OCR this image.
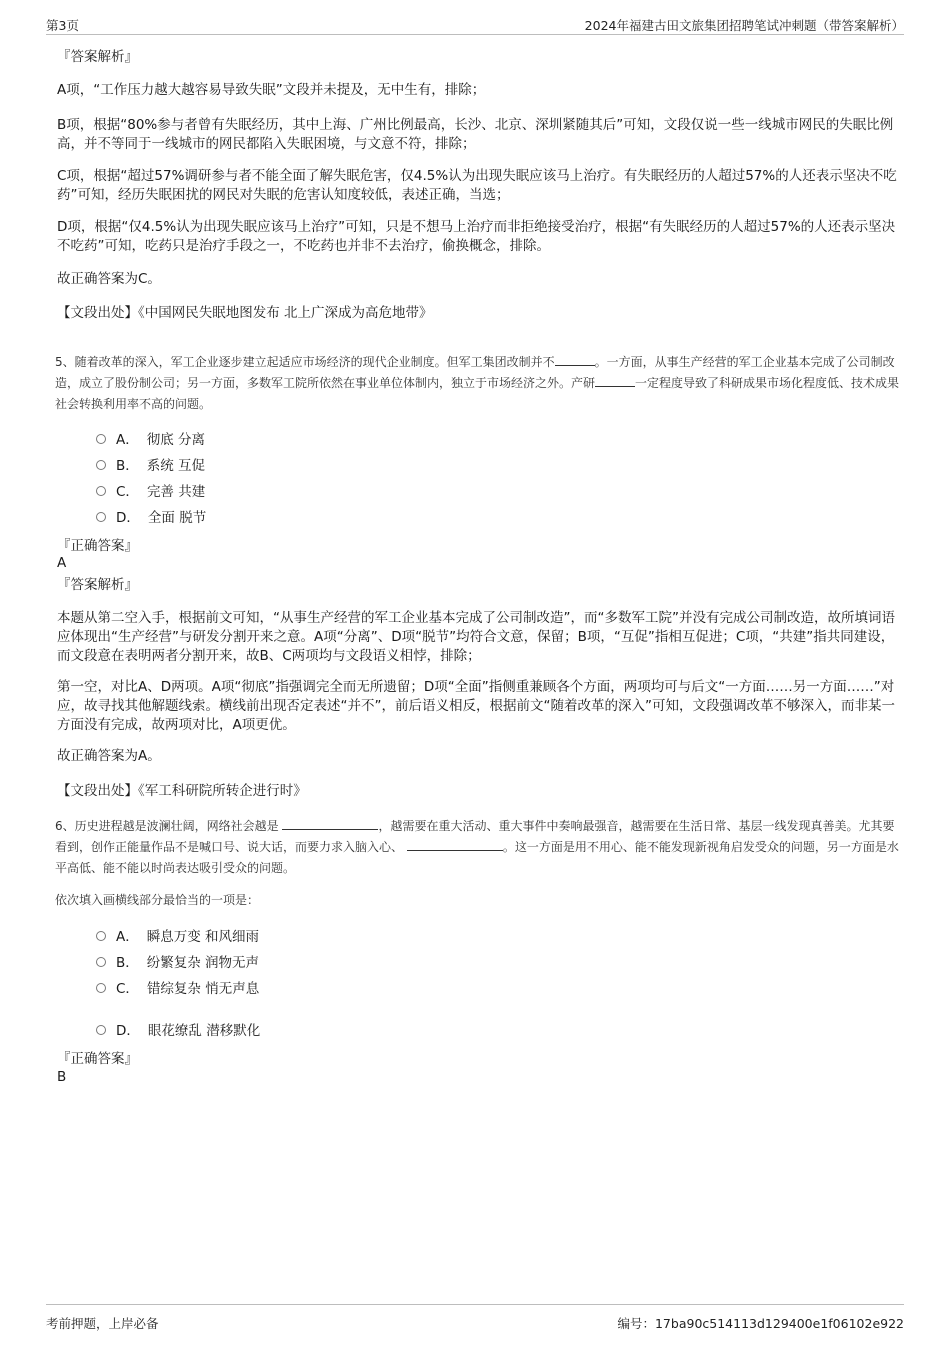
第3页	2024年福建古田文旅集团招聘笔试冲刺题（带答案解析）
『答案解析』
A项，“工作压力越大越容易导致失眠”文段并未提及，无中生有，排除；
B项，根据“80%参与者曾有失眠经历，其中上海、广州比例最高，长沙、北京、深圳紧随其后”可知，文段仅说一些一线城市网民的失眠比例高，并不等同于一线城市的网民都陷入失眠困境，与文意不符，排除；
C项，根据“超过57%调研参与者不能全面了解失眠危害，仅4.5%认为出现失眠应该马上治疗。有失眠经历的人超过57%的人还表示坚决不吃药”可知，经历失眠困扰的网民对失眠的危害认知度较低，表述正确，当选；
D项，根据“仅4.5%认为出现失眠应该马上治疗”可知，只是不想马上治疗而非拒绝接受治疗，根据“有失眠经历的人超过57%的人还表示坚决不吃药”可知，吃药只是治疗手段之一，不吃药也并非不去治疗，偷换概念，排除。
故正确答案为C。
【文段出处】《中国网民失眠地图发布 北上广深成为高危地带》
5、随着改革的深入，军工企业逐步建立起适应市场经济的现代企业制度。但军工集团改制并不	。一方面，从事生产经营的军工企业基本完成了公司制改造，成立了股份制公司；另一方面，多数军工院所依然在事业单位体制内，独立于市场经济之外。产研	一定程度导致了科研成果市场化程度低、技术成果社会转换利用率不高的问题。
A． 彻底 分离
B． 系统 互促
C． 完善 共建
D． 全面 脱节
『正确答案』
A
『答案解析』
本题从第二空入手，根据前文可知，“从事生产经营的军工企业基本完成了公司制改造”，而“多数军工院”并没有完成公司制改造，故所填词语应体现出“生产经营”与研发分割开来之意。A项“分离”、D项“脱节”均符合文意，保留；B项，“互促”指相互促进；C项，“共建”指共同建设，而文段意在表明两者分割开来，故B、C两项均与文段语义相悖，排除；
第一空，对比A、D两项。A项“彻底”指强调完全而无所遗留；D项“全面”指侧重兼顾各个方面，两项均可与后文“一方面……另一方面……”对应，故寻找其他解题线索。横线前出现否定表述“并不”，前后语义相反，根据前文“随着改革的深入”可知，文段强调改革不够深入，而非某一方面没有完成，故两项对比，A项更优。
故正确答案为A。
【文段出处】《军工科研院所转企进行时》
6、历史进程越是波澜壮阔，网络社会越是	，越需要在重大活动、重大事件中奏响最强音，越需要在生活日常、基层一线发现真善美。尤其要看到，创作正能量作品不是喊口号、说大话，而要力求入脑入心、	。这一方面是用不用心、能不能发现新视角启发受众的问题，另一方面是水平高低、能不能以时尚表达吸引受众的问题。
依次填入画横线部分最恰当的一项是：
A． 瞬息万变 和风细雨
B． 纷繁复杂 润物无声
C． 错综复杂 悄无声息
D． 眼花缭乱 潜移默化
『正确答案』
B
考前押题，上岸必备	编号：17ba90c514113d129400e1f06102e922
